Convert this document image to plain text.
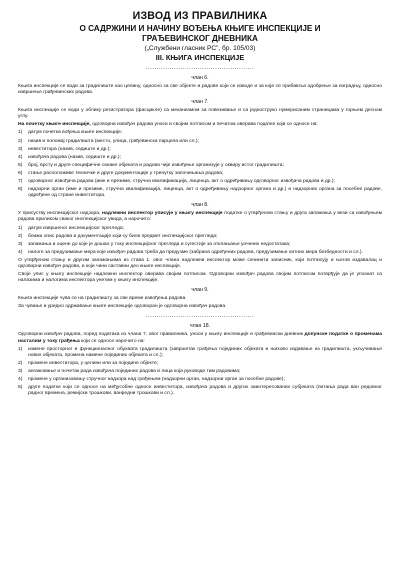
ИЗВОД ИЗ ПРАВИЛНИКА
О САДРЖИНИ И НАЧИНУ ВОЂЕЊА КЊИГЕ ИНСПЕКЦИЈЕ И
ГРАЂЕВИНСКОГ ДНЕВНИКА
(„Службени гласник РС”, бр. 105/03)
III. КЊИГА ИНСПЕКЦИЈЕ
..................................................
члан 6.

Књига инспекције се води за градилиште као целину, односно за све објекте и радове који се изводе и за које се прибавља одобрење за изградњу, односно извршење грађевинских радова.

члан 7.

Књига инспекције се води у облику регистратора (фасцикле) са механизмом за повезивање и са једнострукo нумерисаним страницама у горњем десном углу.

На почетку књиге инспекције, одговорни извођач радова уноси и својим потписом и печатом оверава податке који се односе на:

1)	датум почетка вођења књиге инспекције;
2)	назив и положај градилишта (место, улица, грађевинска парцела или сл.);
3)	инвеститора (назив, седиште и др.);
4)	извођача радова (назив, седиште и др.);
5)	број, врсту и друге специфичне ознаке објеката и радова чије извођење организује у оквиру истог градилишта;
6)	стање расположиве техничке и друге документације у тренутку започињања радова;
7)	одговорног извођача радова (име и презиме, стручна квалификација, лиценца, акт о одређивању одговорног извођача радова и др.);
8)	надзорни орган (име и презиме, стручна квалификација, лиценца, акт о одређивању надзорног органа и др.) и надзорних органа за посебне радове, одређене од стране инвеститора.
члан 8.

У присуству инспекцијског надзора, надлежни инспектор уписује у књигу инспекције податке о утврђеном стању и друга запажања у вези са извођењем радова приликом сваког инспекцијског увида, а нарочито:

1)	датум извршеног инспекцијског прегледа;
2)	ближи опис радова и документације који су били предмет инспекцијског прегледа;
3)	запажања и оцене до које је дошао у току инспекцијског прегледа и сугестије за отклањање уочених недостатака;
4)	налоге за предузимање мера које извођач радова треба да предузме (забрана одређених радова, предузимање хитних мера безбедности и сл.).

О утврђеном стању и другим запажањима из става 1. овог члана надлежни инспектор може сачинити записник, који потписују и његов издавалац и одговорни извођач радова, и који чини саставни део књиге инспекције.

Своје упис у књигу инспекције надлежни инспектор оверава својим потписом. Одговорни извођач радова својим потписом потврђује да је упознат са налазима и налогима инспектора унетим у књигу инспекције.

члан 9.

Књига инспекције чува се на градилишту за све време извођења радова.

За чување и уредно одржавање књиге инспекције одговоран је одговорни извођач радова.

..................................................
члан 18.

Одговорни извођач радова, поред података из члана 7. овог правилника, уноси у књигу инспекције и грађевински дневник допунске податке о променама насталим у току грађења који се односе нарочито на:

1)	измене просторног и функционалног обухвата градилишта (завршетак грађења појединих објеката и њихово издавање из градилишта, укључивање нових објеката, промена намене појединих објеката и сл.);
2)	промене инвеститора, у целини или за поједине објекте;
3)	ангажовање и почетак рада извођача појединих радова и лица која руководе тим радовима;
4)	промене у организовању стручног надзора над грађењем (надзорни орган, надзорни орган за посебне радове);
5)	друге податке који се односе на међусобне односе инвеститора, извођача радова и других заинтересованих субјеката (питања рада ван редовног радног времена, режијски трошкови, ванредни трошкови и сл.).
